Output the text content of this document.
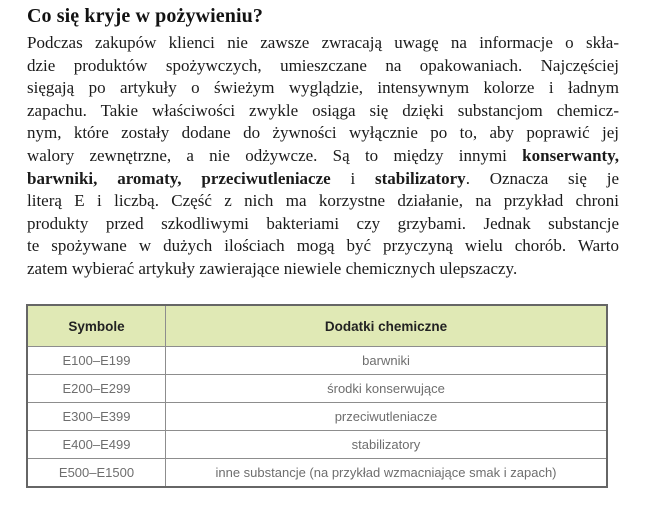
Co się kryje w pożywieniu?
Podczas zakupów klienci nie zawsze zwracają uwagę na informacje o skła-
dzie produktów spożywczych, umieszczane na opakowaniach. Najczęściej
sięgają po artykuły o świeżym wyglądzie, intensywnym kolorze i ładnym
zapachu. Takie właściwości zwykle osiąga się dzięki substancjom chemicz-
nym, które zostały dodane do żywności wyłącznie po to, aby poprawić jej
walory zewnętrzne, a nie odżywcze. Są to między innymi konserwanty,
barwniki, aromaty, przeciwutleniacze i stabilizatory. Oznacza się je
literą E i liczbą. Część z nich ma korzystne działanie, na przykład chroni
produkty przed szkodliwymi bakteriami czy grzybami. Jednak substancje
te spożywane w dużych ilościach mogą być przyczyną wielu chorób. Warto
zatem wybierać artykuły zawierające niewiele chemicznych ulepszaczy.
Symbole	Dodatki chemiczne
E100–E199	barwniki
E200–E299	środki konserwujące
E300–E399	przeciwutleniacze
E400–E499	stabilizatory
E500–E1500	inne substancje (na przykład wzmacniające smak i zapach)
